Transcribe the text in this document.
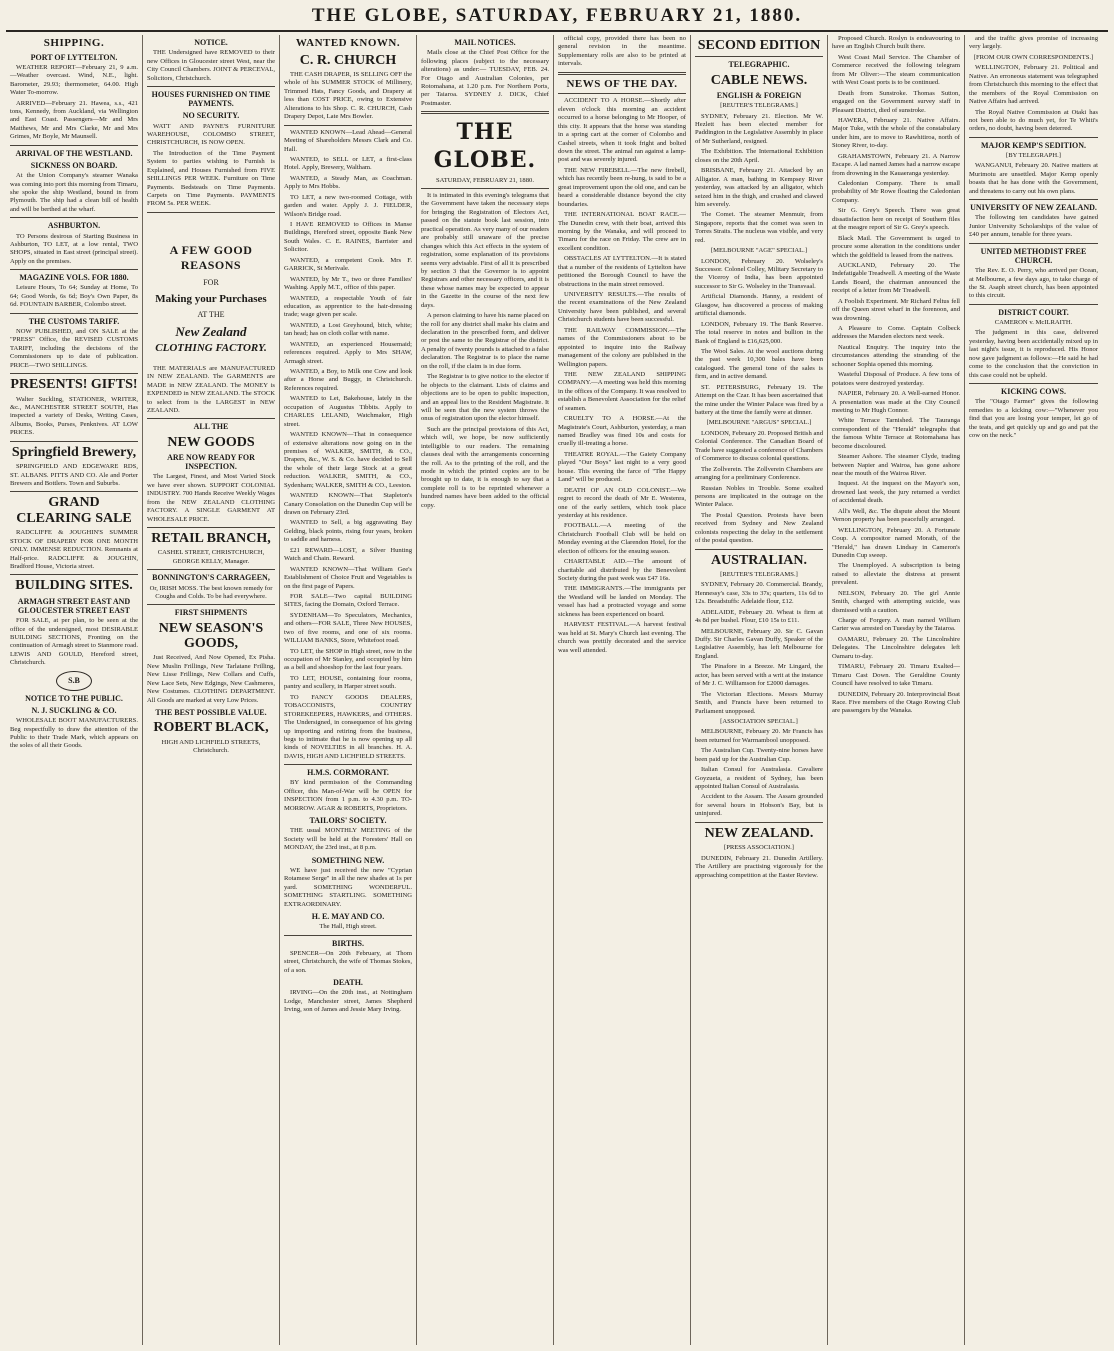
THE GLOBE, SATURDAY, FEBRUARY 21, 1880.
SHIPPING.
PORT OF LYTTELTON.

WEATHER REPORT—February 21, 9 a.m.—Weather overcast. Wind, N.E., light. Barometer, 29.93; thermometer, 64.00. High Water To-morrow.

ARRIVED—February 21. Hawea, s.s., 421 tons, Kennedy, from Auckland, via Wellington and East Coast. Passengers—Mr and Mrs Matthews, Mr and Mrs Clarke, Mr and Mrs Grimes, Mr Boyle, Mr Maunsell.

ARRIVAL OF THE WESTLAND.
SICKNESS ON BOARD.

At the Union Company's steamer Wanaka was coming into port this morning from Timaru, she spoke the ship Westland, bound in from Plymouth. The ship had a clean bill of health and will be berthed at the wharf.

ASHBURTON.

TO Persons desirous of Starting Business in Ashburton, TO LET, at a low rental, TWO SHOPS, situated in East street (principal street). Apply on the premises.

MAGAZINE VOLS. FOR 1880.

Leisure Hours, To 64; Sunday at Home, To 64; Good Words, 6s 6d; Boy's Own Paper, 8s 6d. FOUNTAIN BARBER, Colombo street.

THE CUSTOMS TARIFF.

NOW PUBLISHED, and ON SALE at the "PRESS" Office, the REVISED CUSTOMS TARIFF, including the decisions of the Commissioners up to date of publication. PRICE—TWO SHILLINGS.

PRESENTS! GIFTS!

Walter Suckling, STATIONER, WRITER, &c., MANCHESTER STREET SOUTH, Has inspected a variety of Desks, Writing Cases, Albums, Books, Purses, Penknives. AT LOW PRICES.

Springfield Brewery,

SPRINGFIELD AND EDGEWARE RDS, ST. ALBANS. PITTS AND CO. Ale and Porter Brewers and Bottlers. Town and Suburbs.

GRAND CLEARING SALE

RADCLIFFE & JOUGHIN'S SUMMER STOCK OF DRAPERY FOR ONE MONTH ONLY. IMMENSE REDUCTION. Remnants at Half-price. RADCLIFFE & JOUGHIN, Bradford House, Victoria street.

BUILDING SITES.
ARMAGH STREET EAST AND GLOUCESTER STREET EAST

FOR SALE, at per plan, to be seen at the office of the undersigned, most DESIRABLE BUILDING SECTIONS, Fronting on the continuation of Armagh street to Stanmore road. LEWIS AND GOULD, Hereford street, Christchurch.

S.B
NOTICE TO THE PUBLIC.
N. J. SUCKLING & CO.

WHOLESALE BOOT MANUFACTURERS. Beg respectfully to draw the attention of the Public to their Trade Mark, which appears on the soles of all their Goods.

NOTICE.

THE Undersigned have REMOVED to their new Offices in Gloucester street West, near the City Council Chambers. JOINT & PERCEVAL, Solicitors, Christchurch.

HOUSES FURNISHED ON TIME PAYMENTS.
NO SECURITY.

WATT AND PAYNE'S FURNITURE WAREHOUSE, COLOMBO STREET, CHRISTCHURCH, IS NOW OPEN.

The Introduction of the Time Payment System to parties wishing to Furnish is Explained, and Houses Furnished from FIVE SHILLINGS PER WEEK. Furniture on Time Payments. Bedsteads on Time Payments. Carpets on Time Payments. PAYMENTS FROM 5s. PER WEEK.

A FEW GOOD REASONS
FOR
Making your Purchases
AT THE
New Zealand
CLOTHING FACTORY.

THE MATERIALS are MANUFACTURED IN NEW ZEALAND. The GARMENTS are MADE in NEW ZEALAND. The MONEY is EXPENDED in NEW ZEALAND. The STOCK to select from is the LARGEST in NEW ZEALAND.

ALL THE
NEW GOODS
ARE NOW READY FOR INSPECTION.

The Largest, Finest, and Most Varied Stock we have ever shown. SUPPORT COLONIAL INDUSTRY. 700 Hands Receive Weekly Wages from the NEW ZEALAND CLOTHING FACTORY. A SINGLE GARMENT AT WHOLESALE PRICE.

RETAIL BRANCH,

CASHEL STREET, CHRISTCHURCH, GEORGE KELLY, Manager.

BONNINGTON'S CARRAGEEN,

Or, IRISH MOSS. The best known remedy for Coughs and Colds. To be had everywhere.

FIRST SHIPMENTS
NEW SEASON'S GOODS,

Just Received, And Now Opened, Ex Pisha. New Muslin Frillings, New Tarlatane Frilling, New Lisse Frillings, New Collars and Cuffs, New Lace Sets, New Edgings, New Cashmeres, New Costumes. CLOTHING DEPARTMENT. All Goods are marked at very Low Prices.

THE BEST POSSIBLE VALUE.
ROBERT BLACK,

HIGH AND LICHFIELD STREETS, Christchurch.

WANTED KNOWN.
C. R. CHURCH

THE CASH DRAPER, IS SELLING OFF the whole of his SUMMER STOCK of Millinery, Trimmed Hats, Fancy Goods, and Drapery at less than COST PRICE, owing to Extensive Alterations to his Shop. C. R. CHURCH, Cash Drapery Depot, Late Mrs Bowler.

WANTED KNOWN—Lead Ahead—General Meeting of Shareholders Messrs Clark and Co. Hall.

WANTED, to SELL or LET, a first-class Hotel. Apply, Brewery, Waltham.

WANTED, a Steady Man, as Coachman. Apply to Mrs Hobbs.

TO LET, a new two-roomed Cottage, with garden and water. Apply J. J. FIELDER, Wilson's Bridge road.

I HAVE REMOVED to Offices in Manse Buildings, Hereford street, opposite Bank New South Wales. C. E. RAINES, Barrister and Solicitor.

WANTED, a competent Cook. Mrs F. GARRICK, St Merivale.

WANTED, by Mr T., two or three Families' Washing. Apply M.T., office of this paper.

WANTED, a respectable Youth of fair education, as apprentice to the hair-dressing trade; wage given per scale.

WANTED, a Lost Greyhound, bitch, white; tan head; has on cloth collar with name.

WANTED, an experienced Housemaid; references required. Apply to Mrs SHAW, Armagh street.

WANTED, a Boy, to Milk one Cow and look after a Horse and Buggy, in Christchurch. References required.

WANTED to Let, Bakehouse, lately in the occupation of Augustus Tibbits. Apply to CHARLES LELAND, Watchmaker, High street.

WANTED KNOWN—That in consequence of extensive alterations now going on in the premises of WALKER, SMITH, & CO., Drapers, &c., W. S. & Co. have decided to Sell the whole of their large Stock at a great reduction. WALKER, SMITH, & CO., Sydenham; WALKER, SMITH & CO., Leeston.

WANTED KNOWN—That Stapleton's Canary Consolation on the Dunedin Cup will be drawn on February 23rd.

WANTED to Sell, a big aggravating Bay Gelding, black points, rising four years, broken to saddle and harness.

£21 REWARD—LOST, a Silver Hunting Watch and Chain. Reward.

WANTED KNOWN—That William Gee's Establishment of Choice Fruit and Vegetables is on the first page of Papers.

FOR SALE—Two capital BUILDING SITES, facing the Domain, Oxford Terrace.

SYDENHAM—To Speculators, Mechanics, and others—FOR SALE, Three New HOUSES, two of five rooms, and one of six rooms. WILLIAM BANKS, Store, Whitefoot road.

TO LET, the SHOP in High street, now in the occupation of Mr Stanley, and occupied by him as a bell and shoeshop for the last four years.

TO LET, HOUSE, containing four rooms, pantry and scullery, in Harper street south.

TO FANCY GOODS DEALERS, TOBACCONISTS, COUNTRY STOREKEEPERS, HAWKERS, and OTHERS. The Undersigned, in consequence of his giving up importing and retiring from the business, begs to intimate that he is now opening up all kinds of NOVELTIES in all branches. H. A. DAVIS, HIGH AND LICHFIELD STREETS.

H.M.S. CORMORANT.

BY kind permission of the Commanding Officer, this Man-of-War will be OPEN for INSPECTION from 1 p.m. to 4.30 p.m. TO-MORROW. AGAR & ROBERTS, Proprietors.

TAILORS' SOCIETY.

THE usual MONTHLY MEETING of the Society will be held at the Foresters' Hall on MONDAY, the 23rd inst., at 8 p.m.

SOMETHING NEW.

WE have just received the new "Cyprian Rotamese Serge" in all the new shades at 1s per yard. SOMETHING WONDERFUL. SOMETHING STARTLING. SOMETHING EXTRAORDINARY.

H. E. MAY AND CO.

The Hall, High street.

BIRTHS.

SPENCER—On 20th February, at Thom street, Christchurch, the wife of Thomas Stokes, of a son.

DEATH.

IRVING—On the 20th inst., at Nottingham Lodge, Manchester street, James Shepherd Irving, son of James and Jessie Mary Irving.

MAIL NOTICES.

Mails close at the Chief Post Office for the following places (subject to the necessary alterations) as under:— TUESDAY, FEB. 24. For Otago and Australian Colonies, per Rotomahana, at 1.20 p.m. For Northern Ports, per Taiaroa. SYDNEY J. DICK, Chief Postmaster.

THE GLOBE.

SATURDAY, FEBRUARY 21, 1880.

It is intimated in this evening's telegrams that the Government have taken the necessary steps for bringing the Registration of Electors Act, passed on the statute book last session, into practical operation. As very many of our readers are probably still unaware of the precise changes which this Act effects in the system of registration, some explanation of its provisions seems very advisable. First of all it is prescribed by section 3 that the Governor is to appoint Registrars and other necessary officers, and it is these whose names may be expected to appear in the Gazette in the course of the next few days.

A person claiming to have his name placed on the roll for any district shall make his claim and declaration in the prescribed form, and deliver or post the same to the Registrar of the district. A penalty of twenty pounds is attached to a false declaration. The Registrar is to place the name on the roll, if the claim is in due form.

The Registrar is to give notice to the elector if he objects to the claimant. Lists of claims and objections are to be open to public inspection, and an appeal lies to the Resident Magistrate. It will be seen that the new system throws the onus of registration upon the elector himself.

Such are the principal provisions of this Act, which will, we hope, be now sufficiently intelligible to our readers. The remaining clauses deal with the arrangements concerning the roll. As to the printing of the roll, and the mode in which the printed copies are to be brought up to date, it is enough to say that a complete roll is to be reprinted whenever a hundred names have been added to the official copy.

official copy, provided there has been no general revision in the meantime. Supplementary rolls are also to be printed at intervals.

NEWS OF THE DAY.

ACCIDENT TO A HORSE.—Shortly after eleven o'clock this morning an accident occurred to a horse belonging to Mr Hooper, of this city. It appears that the horse was standing in a spring cart at the corner of Colombo and Cashel streets, when it took fright and bolted down the street. The animal ran against a lamp-post and was severely injured.

THE NEW FIREBELL.—The new firebell, which has recently been re-hung, is said to be a great improvement upon the old one, and can be heard a considerable distance beyond the city boundaries.

THE INTERNATIONAL BOAT RACE.—The Dunedin crew, with their boat, arrived this morning by the Wanaka, and will proceed to Timaru for the race on Friday. The crew are in excellent condition.

OBSTACLES AT LYTTELTON.—It is stated that a number of the residents of Lyttelton have petitioned the Borough Council to have the obstructions in the main street removed.

UNIVERSITY RESULTS.—The results of the recent examinations of the New Zealand University have been published, and several Christchurch students have been successful.

THE RAILWAY COMMISSION.—The names of the Commissioners about to be appointed to inquire into the Railway management of the colony are published in the Wellington papers.

THE NEW ZEALAND SHIPPING COMPANY.—A meeting was held this morning in the offices of the Company. It was resolved to establish a Benevolent Association for the relief of seamen.

CRUELTY TO A HORSE.—At the Magistrate's Court, Ashburton, yesterday, a man named Bradley was fined 10s and costs for cruelly ill-treating a horse.

THEATRE ROYAL.—The Gaiety Company played "Our Boys" last night to a very good house. This evening the farce of "The Happy Land" will be produced.

DEATH OF AN OLD COLONIST.—We regret to record the death of Mr E. Westenra, one of the early settlers, which took place yesterday at his residence.

FOOTBALL.—A meeting of the Christchurch Football Club will be held on Monday evening at the Clarendon Hotel, for the election of officers for the ensuing season.

CHARITABLE AID.—The amount of charitable aid distributed by the Benevolent Society during the past week was £47 16s.

THE IMMIGRANTS.—The immigrants per the Westland will be landed on Monday. The vessel has had a protracted voyage and some sickness has been experienced on board.

HARVEST FESTIVAL.—A harvest festival was held at St. Mary's Church last evening. The church was prettily decorated and the service was well attended.

SECOND EDITION
TELEGRAPHIC.
CABLE NEWS.
ENGLISH & FOREIGN

[REUTER'S TELEGRAMS.]

SYDNEY, February 21. Election. Mr W. Hezlett has been elected member for Paddington in the Legislative Assembly in place of Mr Sutherland, resigned.

The Exhibition. The International Exhibition closes on the 20th April.

BRISBANE, February 21. Attacked by an Alligator. A man, bathing in Kempsey River yesterday, was attacked by an alligator, which seized him in the thigh, and crushed and clawed him severely.

The Comet. The steamer Menmuir, from Singapore, reports that the comet was seen in Torres Straits. The nucleus was visible, and very red.

[MELBOURNE "AGE" SPECIAL.]

LONDON, February 20. Wolseley's Successor. Colonel Colley, Military Secretary to the Viceroy of India, has been appointed successor to Sir G. Wolseley in the Transvaal.

Artificial Diamonds. Hanny, a resident of Glasgow, has discovered a process of making artificial diamonds.

LONDON, February 19. The Bank Reserve. The total reserve in notes and bullion in the Bank of England is £16,625,000.

The Wool Sales. At the wool auctions during the past week 10,300 bales have been catalogued. The general tone of the sales is firm, and in active demand.

ST. PETERSBURG, February 19. The Attempt on the Czar. It has been ascertained that the mine under the Winter Palace was fired by a battery at the time the family were at dinner.

[MELBOURNE "ARGUS" SPECIAL.]

LONDON, February 20. Proposed British and Colonial Conference. The Canadian Board of Trade have suggested a conference of Chambers of Commerce to discuss colonial questions.

The Zollverein. The Zollverein Chambers are arranging for a preliminary Conference.

Russian Nobles in Trouble. Some exalted persons are implicated in the outrage on the Winter Palace.

The Postal Question. Protests have been received from Sydney and New Zealand colonists respecting the delay in the settlement of the postal question.

AUSTRALIAN.

[REUTER'S TELEGRAMS.]

SYDNEY, February 20. Commercial. Brandy, Hennessy's case, 33s to 37s; quarters, 11s 6d to 12s. Breadstuffs: Adelaide flour, £12.

ADELAIDE, February 20. Wheat is firm at 4s 8d per bushel. Flour, £10 15s to £11.

MELBOURNE, February 20. Sir C. Gavan Duffy. Sir Charles Gavan Duffy, Speaker of the Legislative Assembly, has left Melbourne for England.

The Pinafore in a Breeze. Mr Lingard, the actor, has been served with a writ at the instance of Mr J. C. Williamson for £2000 damages.

The Victorian Elections. Messrs Murray Smith, and Francis have been returned to Parliament unopposed.

[ASSOCIATION SPECIAL.]

MELBOURNE, February 20. Mr Francis has been returned for Warrnambool unopposed.

The Australian Cup. Twenty-nine horses have been paid up for the Australian Cup.

Italian Consul for Australasia. Cavaliere Goyzueta, a resident of Sydney, has been appointed Italian Consul of Australasia.

Accident to the Assam. The Assam grounded for several hours in Hobson's Bay, but is uninjured.

NEW ZEALAND.

[PRESS ASSOCIATION.]

DUNEDIN, February 21. Dunedin Artillery. The Artillery are practising vigorously for the approaching competition at the Easter Review.

Proposed Church. Roslyn is endeavouring to have an English Church built there.

West Coast Mail Service. The Chamber of Commerce received the following telegram from Mr Oliver:—The steam communication with West Coast ports is to be continued.

Death from Sunstroke. Thomas Sutton, engaged on the Government survey staff in Pleasant District, died of sunstroke.

HAWERA, February 21. Native Affairs. Major Tuke, with the whole of the constabulary under him, are to move to Rawhitiroa, north of Stoney River, to-day.

GRAHAMSTOWN, February 21. A Narrow Escape. A lad named James had a narrow escape from drowning in the Kauaeranga yesterday.

Caledonian Company. There is small probability of Mr Rowe floating the Caledonian Company.

Sir G. Grey's Speech. There was great dissatisfaction here on receipt of Southern files at the meagre report of Sir G. Grey's speech.

Black Mail. The Government is urged to procure some alteration in the conditions under which the goldfield is leased from the natives.

AUCKLAND, February 20. The Indefatigable Treadwell. A meeting of the Waste Lands Board, the chairman announced the receipt of a letter from Mr Treadwell.

A Foolish Experiment. Mr Richard Feltus fell off the Queen street wharf in the forenoon, and was drowning.

A Pleasure to Come. Captain Colbeck addresses the Marsden electors next week.

Nautical Enquiry. The inquiry into the circumstances attending the stranding of the schooner Sophia opened this morning.

Wasteful Disposal of Produce. A few tons of potatoes were destroyed yesterday.

NAPIER, February 20. A Well-earned Honor. A presentation was made at the City Council meeting to Mr Hugh Connor.

White Terrace Tarnished. The Tauranga correspondent of the "Herald" telegraphs that the famous White Terrace at Rotomahana has become discoloured.

Steamer Ashore. The steamer Clyde, trading between Napier and Wairoa, has gone ashore near the mouth of the Wairoa River.

Inquest. At the inquest on the Mayor's son, drowned last week, the jury returned a verdict of accidental death.

All's Well, &c. The dispute about the Mount Vernon property has been peacefully arranged.

WELLINGTON, February 20. A Fortunate Coup. A compositor named Morath, of the "Herald," has drawn Lindsay in Cameron's Dunedin Cup sweep.

The Unemployed. A subscription is being raised to alleviate the distress at present prevalent.

NELSON, February 20. The girl Annie Smith, charged with attempting suicide, was dismissed with a caution.

Charge of Forgery. A man named William Carter was arrested on Tuesday by the Taiaroa.

OAMARU, February 20. The Lincolnshire Delegates. The Lincolnshire delegates left Oamaru to-day.

TIMARU, February 20. Timaru Exalted—Timaru Cast Down. The Geraldine County Council have resolved to take Timaru.

DUNEDIN, February 20. Interprovincial Boat Race. Five members of the Otago Rowing Club are passengers by the Wanaka.

and the traffic gives promise of increasing very largely.

[FROM OUR OWN CORRESPONDENTS.]

WELLINGTON, February 21. Political and Native. An erroneous statement was telegraphed from Christchurch this morning to the effect that the members of the Royal Commission on Native Affairs had arrived.

The Royal Native Commission at Otaki has not been able to do much yet, for Te Whiti's orders, no doubt, having been deterred.

MAJOR KEMP'S SEDITION.

[BY TELEGRAPH.]

WANGANUI, February 20. Native matters at Murimotu are unsettled. Major Kemp openly boasts that he has done with the Government, and threatens to carry out his own plans.

UNIVERSITY OF NEW ZEALAND.

The following ten candidates have gained Junior University Scholarships of the value of £40 per annum, tenable for three years.

UNITED METHODIST FREE CHURCH.

The Rev. E. O. Perry, who arrived per Ocean, at Melbourne, a few days ago, to take charge of the St. Asaph street church, has been appointed to this circuit.

DISTRICT COURT.

CAMERON v. McILRAITH.

The judgment in this case, delivered yesterday, having been accidentally mixed up in last night's issue, it is reproduced. His Honor now gave judgment as follows:—He said he had come to the conclusion that the conviction in this case could not be upheld.

KICKING COWS.

The "Otago Farmer" gives the following remedies to a kicking cow:—"Whenever you find that you are losing your temper, let go of the teats, and get quickly up and go and pat the cow on the neck."
